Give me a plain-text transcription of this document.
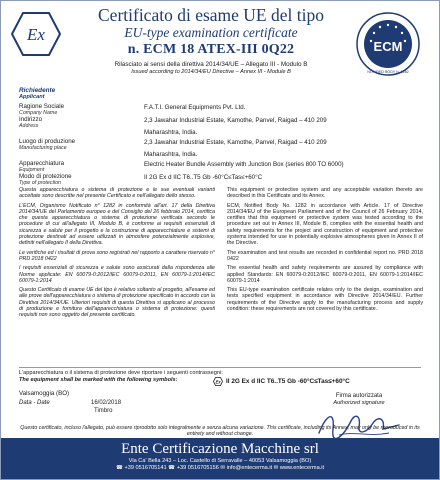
Ex
Certificato di esame UE del tipo
EU-type examination certificate
n. ECM 18 ATEX-III 0Q22
Rilasciato ai sensi della direttiva 2014/34/UE – Allegato III - Modulo B
Issued according to 2014/34/EU Directive – Annex III - Module B
ECM
NOTIFIED BODY N. 1282
Richiedente
Applicant
Ragione Sociale
Company Name
F.A.T.I. General Equipments Pvt. Ltd.
Indirizzo
Address
2,3 Jawahar Industrial Estate, Kamothe, Panvel, Raigad – 410 209
Maharashtra, India.
Luogo di produzione
Manufacturing place
2,3 Jawahar Industrial Estate, Kamothe, Panvel, Raigad – 410 209
Maharashtra, India.
Apparecchiatura
Equipment
Electric Heater Bundle Assembly with Junction Box (series 800 TO 6000)
Modo di protezione
Type of protection
II 2G Ex d IIC T6..T5 Gb -60°C≤Tas≤+60°C

Questa apparecchiatura o sistema di protezione e le sue eventuali varianti accettate sono descritte nel presente Certificato e nell'allegato dello stesso.

L'ECM, Organismo Notificato n° 1282 in conformità all'art. 17 della Direttiva 2014/34/UE del Parlamento europeo e del Consiglio del 26 febbraio 2014, certifica che questa apparecchiatura o sistema di protezione verificata secondo le procedure di cui all'allegato III, Modulo B, è conforme ai requisiti essenziali di sicurezza e salute per il progetto e la costruzione di apparecchiature e sistemi di protezione destinati ad essere utilizzati in atmosfere potenzialmente esplosive, definiti nell'allegato II della Direttiva.

Le verifiche ed i risultati di prova sono registrati nel rapporto a carattere riservato n° PRD 2018 0422

I requisiti essenziali di sicurezza e salute sono assicurati dalla rispondenza alle Norme applicate: EN 60079-0:2012/IEC 60079-0:2011, EN 60079-1:2014/IEC 60079-1:2014

Questo Certificato di esame UE del tipo è relativo soltanto al progetto, all'esame ed alle prove dell'apparecchiatura o sistema di protezione specificato in accordo con la Direttiva 2014/34/UE. Ulteriori requisiti di questa Direttiva si applicano al processo di produzione e fornitura dell'apparecchiatura o sistema di protezione: questi requisiti non sono oggetto del presente certificato.

This equipment or protective system and any acceptable variation thereto are described in this Certificate and its Annex.

ECM, Notified Body No. 1282 in accordance with Article. 17 of Directive 2014/34/EU of the European Parliament and of the Council of 26 February 2014, certifies that this equipment or protective system was tested according to the procedure set out in Annex III, Module B, complies with the essential health and safety requirements for the project and construction of equipment and protective systems intended for use in potentially explosive atmospheres given in Annex II of the Directive.

The examination and test results are recorded in confidential report no. PRD 2018 0422

The essential health and safety requirements are assured by compliance with applied Standards: EN 60079-0:2012/IEC 60079-0:2011, EN 60079-1:2014/IEC 60079-1:2014

This EU-type examination certificate relates only to the design, examination and tests specified equipment in accordance with Directive 2014/34/EU. Further requirements of the Directive apply to the manufacturing process and supply condition: these requirements are not covered by this certificate.

L'apparecchiatura o il sistema di protezione deve riportare i seguenti contrassegni:
The equipment shall be marked with the following symbols:	Ex II 2G Ex d IIC T6..T5 Gb -60°C≤Tas≤+60°C
Valsamoggia (BO)
Data - Date	16/02/2018
Timbro
Firma autorizzata
Authorized signature
Questo certificato, incluso l'allegato, può essere riprodotto solo integralmente e senza alcuna variazione. This certificate, including its Annex, may only be reproduced in its entirety and without change.
Ente Certificazione Macchine srl
Via Ca' Bella 243 – Loc. Castello di Serravalle – 40053 Valsamoggia (BO)
☎ +39 0516705141 ☎ +39 0516705156 ✉ info@entecerma.it ✉ www.entecerma.it
